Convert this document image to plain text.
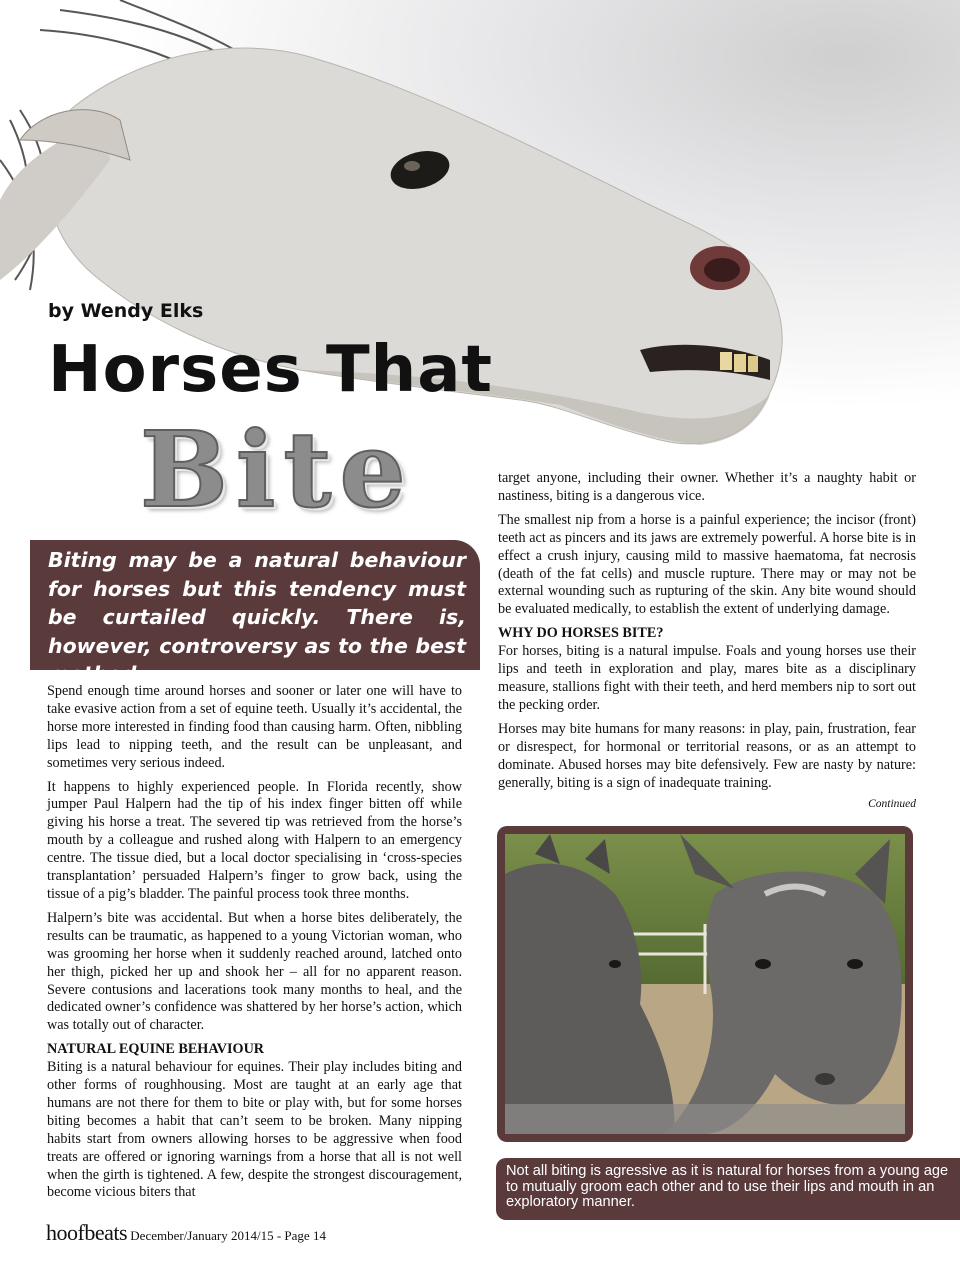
by Wendy Elks
Horses That
Bite

Biting may be a natural behaviour for horses but this tendency must be curtailed quickly. There is, however, controversy as to the best method.

Spend enough time around horses and sooner or later one will have to take evasive action from a set of equine teeth. Usually it’s accidental, the horse more interested in finding food than causing harm. Often, nibbling lips lead to nipping teeth, and the result can be unpleasant, and sometimes very serious indeed.

It happens to highly experienced people. In Florida recently, show jumper Paul Halpern had the tip of his index finger bitten off while giving his horse a treat. The severed tip was retrieved from the horse’s mouth by a colleague and rushed along with Halpern to an emergency centre. The tissue died, but a local doctor specialising in ‘cross-species transplantation’ persuaded Halpern’s finger to grow back, using the tissue of a pig’s bladder. The painful process took three months.

Halpern’s bite was accidental. But when a horse bites deliberately, the results can be traumatic, as happened to a young Victorian woman, who was grooming her horse when it suddenly reached around, latched onto her thigh, picked her up and shook her – all for no apparent reason. Severe contusions and lacerations took many months to heal, and the dedicated owner’s confidence was shattered by her horse’s action, which was totally out of character.

NATURAL EQUINE BEHAVIOUR

Biting is a natural behaviour for equines. Their play includes biting and other forms of roughhousing. Most are taught at an early age that humans are not there for them to bite or play with, but for some horses biting becomes a habit that can’t seem to be broken. Many nipping habits start from owners allowing horses to be aggressive when food treats are offered or ignoring warnings from a horse that all is not well when the girth is tightened. A few, despite the strongest discouragement, become vicious biters that

target anyone, including their owner. Whether it’s a naughty habit or nastiness, biting is a dangerous vice.

The smallest nip from a horse is a painful experience; the incisor (front) teeth act as pincers and its jaws are extremely powerful. A horse bite is in effect a crush injury, causing mild to massive haematoma, fat necrosis (death of the fat cells) and muscle rupture. There may or may not be external wounding such as rupturing of the skin. Any bite wound should be evaluated medically, to establish the extent of underlying damage.

WHY DO HORSES BITE?

For horses, biting is a natural impulse. Foals and young horses use their lips and teeth in exploration and play, mares bite as a disciplinary measure, stallions fight with their teeth, and herd members nip to sort out the pecking order.

Horses may bite humans for many reasons: in play, pain, frustration, fear or disrespect, for hormonal or territorial reasons, or as an attempt to dominate. Abused horses may bite defensively. Few are nasty by nature: generally, biting is a sign of inadequate training.

Continued

Not all biting is agressive as it is natural for horses from a young age to mutually groom each other and to use their lips and mouth in an exploratory manner.

hoofbeats December/January 2014/15 - Page 14
